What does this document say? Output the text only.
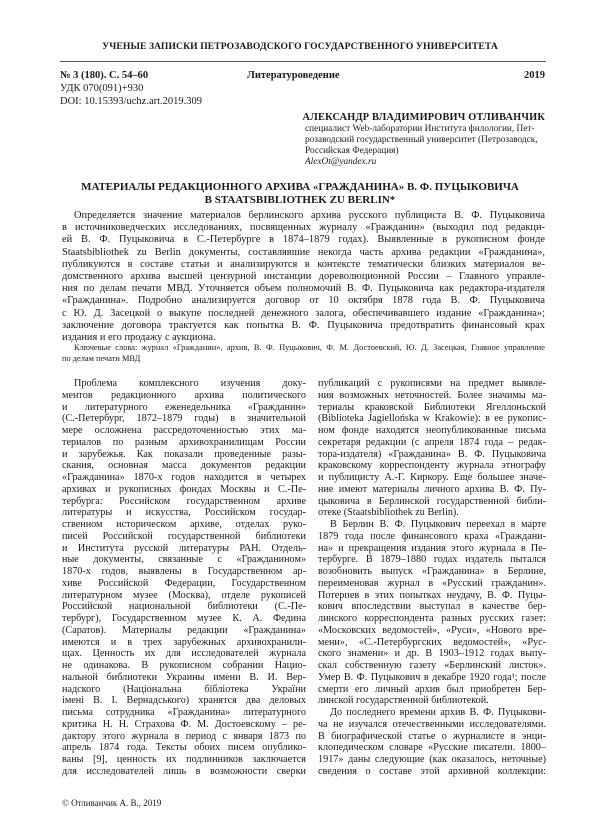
УЧЕНЫЕ ЗАПИСКИ ПЕТРОЗАВОДСКОГО ГОСУДАРСТВЕННОГО УНИВЕРСИТЕТА
№ 3 (180). С. 54–60	Литературоведение	2019
УДК 070(091)+930
DOI: 10.15393/uchz.art.2019.309
АЛЕКСАНДР ВЛАДИМИРОВИЧ ОТЛИВАНЧИК
специалист Web-лаборатории Института филологии, Пет-
розаводский государственный университет (Петрозаводск,
Российская Федерация)
AlexOt@yandex.ru
МАТЕРИАЛЫ РЕДАКЦИОННОГО АРХИВА «ГРАЖДАНИНА» В. Ф. ПУЦЫКОВИЧА
В STAATSBIBLIOTHEK ZU BERLIN*
Определяется значение материалов берлинского архива русского публициста В. Ф. Пуцыковича
в источниковедческих исследованиях, посвященных журналу «Гражданин» (выходил под редакци-
ей В. Ф. Пуцыковича в С.-Петербурге в 1874–1879 годах). Выявленные в рукописном фонде
Staatsbibliothek zu Berlin документы, составлявшие некогда часть архива редакции «Гражданина»,
публикуются в составе статьи и анализируются в контексте тематически близких материалов ве-
домственного архива высшей цензурной инстанции дореволюционной России – Главного управле-
ния по делам печати МВД. Уточняется объем полномочий В. Ф. Пуцыковича как редактора-издателя
«Гражданина». Подробно анализируется договор от 10 октября 1878 года В. Ф. Пуцыковича
с Ю. Д. Засецкой о выкупе последней денежного залога, обеспечивавшего издание «Гражданина»;
заключение договора трактуется как попытка В. Ф. Пуцыковича предотвратить финансовый крах
издания и его продажу с аукциона.
Ключевые слова: журнал «Гражданин», архив, В. Ф. Пуцыкович, Ф. М. Достоевский, Ю. Д. Засецкая, Главное управление
по делам печати МВД
Проблема комплексного изучения доку-
ментов редакционного архива политического
и литературного еженедельника «Гражданин»
(С.-Петербург, 1872–1879 годы) в значительной
мере осложнена рассредоточенностью этих ма-
териалов по разным архивохранилищам России
и зарубежья. Как показали проведенные разы-
скания, основная масса документов редакции
«Гражданина» 1870-х годов находится в четырех
архивах и рукописных фондах Москвы и С.-Пе-
тербурга: Российском государственном архиве
литературы и искусства, Российском государ-
ственном историческом архиве, отделах руко-
писей Российской государственной библиотеки
и Института русской литературы РАН. Отдель-
ные документы, связанные с «Гражданином»
1870-х годов, выявлены в Государственном ар-
хиве Российской Федерации, Государственном
литературном музее (Москва), отделе рукописей
Российской национальной библиотеки (С.-Пе-
тербург), Государственном музее К. А. Федина
(Саратов). Материалы редакции «Гражданина»
имеются и в трех зарубежных архивохранили-
щах. Ценность их для исследователей журнала
не одинакова. В рукописном собрании Нацио-
нальной библиотеки Украины имени В. И. Вер-
надского (Національна бібліотека України
імені В. І. Вернадського) хранятся два деловых
письма сотрудника «Гражданина» литературного
критика Н. Н. Страхова Ф. М. Достоевскому – ре-
дактору этого журнала в период с января 1873 по
апрель 1874 года. Тексты обоих писем опублико-
ваны [9], ценность их подлинников заключается
для исследователей лишь в возможности сверки
публикаций с рукописями на предмет выявле-
ния возможных неточностей. Более значимы ма-
териалы краковской Библиотеки Ягеллоньской
(Biblioteka Jagiellońska w Krakowie): в ее рукопис-
ном фонде находятся неопубликованные письма
секретаря редакции (с апреля 1874 года – редак-
тора-издателя) «Гражданина» В. Ф. Пуцыковича
краковскому корреспонденту журнала этнографу
и публицисту А.-Г. Киркору. Еще большее значе-
ние имеют материалы личного архива В. Ф. Пу-
цыковича в Берлинской государственной библи-
отеке (Staatsbibliothek zu Berlin).
В Берлин В. Ф. Пуцыкович переехал в марте
1879 года после финансового краха «Граждани-
на» и прекращения издания этого журнала в Пе-
тербурге. В 1879–1880 годах издатель пытался
возобновить выпуск «Гражданина» в Берлине,
переименовав журнал в «Русский гражданин».
Потерпев в этих попытках неудачу, В. Ф. Пуцы-
кович впоследствии выступал в качестве бер-
линского корреспондента разных русских газет:
«Московских ведомостей», «Руси», «Нового вре-
мени», «С.-Петербургских ведомостей», «Рус-
ского знамени» и др. В 1903–1912 годах выпу-
скал собственную газету «Берлинский листок».
Умер В. Ф. Пуцыкович в декабре 1920 года¹; после
смерти его личный архив был приобретен Бер-
линской государственной библиотекой.
До последнего времени архив В. Ф. Пуцыкови-
ча не изучался отечественными исследователями.
В биографической статье о журналисте в энци-
клопедическом словаре «Русские писатели. 1800–
1917» даны следующие (как оказалось, неточные)
сведения о составе этой архивной коллекции:
© Отливанчик А. В., 2019
